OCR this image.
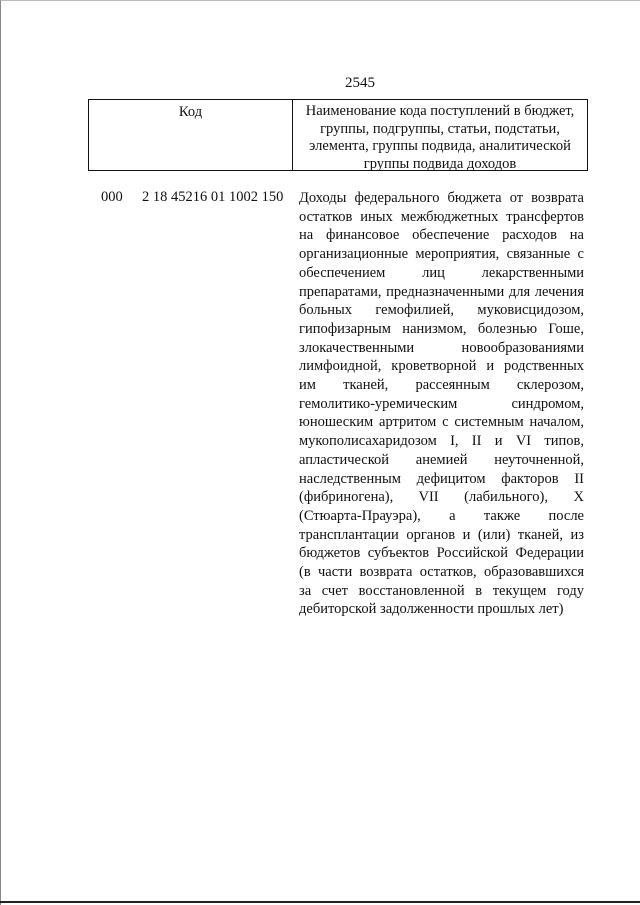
2545
Код	Наименование кода поступлений в бюджет, группы, подгруппы, статьи, подстатьи, элемента, группы подвида, аналитической группы подвида доходов
000 2 18 45216 01 1002 150 Доходы федерального бюджета от возврата остатков иных межбюджетных трансфертов на финансовое обеспечение расходов на организационные мероприятия, связанные с обеспечением лиц лекарственными препаратами, предназначенными для лечения больных гемофилией, муковисцидозом, гипофизарным нанизмом, болезнью Гоше, злокачественными новообразованиями лимфоидной, кроветворной и родственных им тканей, рассеянным склерозом, гемолитико-уремическим синдромом, юношеским артритом с системным началом, мукополисахаридозом I, II и VI типов, апластической анемией неуточненной, наследственным дефицитом факторов II (фибриногена), VII (лабильного), X (Стюарта-Прауэра), а также после трансплантации органов и (или) тканей, из бюджетов субъектов Российской Федерации (в части возврата остатков, образовавшихся за счет восстановленной в текущем году дебиторской задолженности прошлых лет)
